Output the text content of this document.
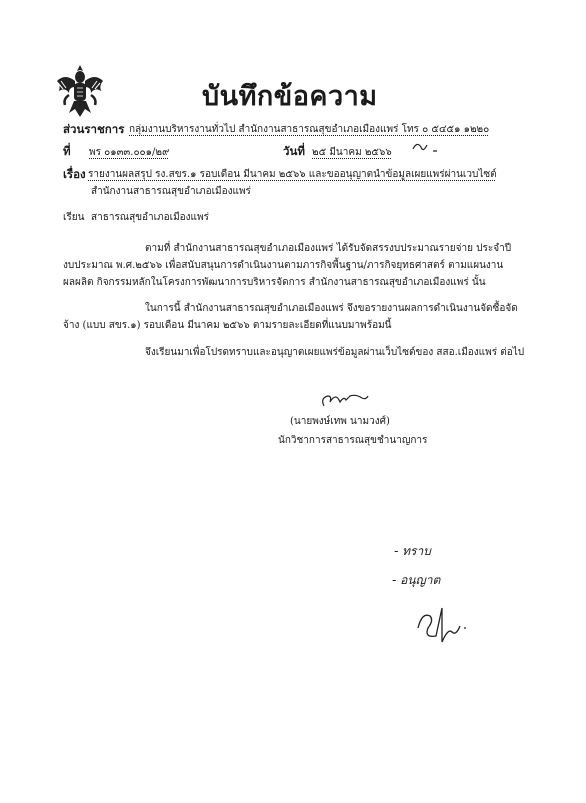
บันทึกข้อความ
ส่วนราชการ กลุ่มงานบริหารงานทั่วไป สำนักงานสาธารณสุขอำเภอเมืองแพร่ โทร ๐ ๕๔๕๑ ๑๒๒๐
ที่ พร ๐๑๓๓.๐๐๑/๒๙	วันที่ ๒๕ มีนาคม ๒๕๖๖
เรื่อง รายงานผลสรุป รง.สขร.๑ รอบเดือน มีนาคม ๒๕๖๖ และขออนุญาตนำข้อมูลเผยแพร่ผ่านเวบไซต์
สำนักงานสาธารณสุขอำเภอเมืองแพร่
เรียน สาธารณสุขอำเภอเมืองแพร่
ตามที่ สำนักงานสาธารณสุขอำเภอเมืองแพร่ ได้รับจัดสรรงบประมาณรายจ่าย ประจำปี
งบประมาณ พ.ศ.๒๕๖๖ เพื่อสนับสนุนการดำเนินงานตามภารกิจพื้นฐาน/ภารกิจยุทธศาสตร์ ตามแผนงาน
ผลผลิต กิจกรรมหลักในโครงการพัฒนาการบริหารจัดการ สำนักงานสาธารณสุขอำเภอเมืองแพร่ นั้น
ในการนี้ สำนักงานสาธารณสุขอำเภอเมืองแพร่ จึงขอรายงานผลการดำเนินงานจัดซื้อจัด
จ้าง (แบบ สขร.๑) รอบเดือน มีนาคม ๒๕๖๖ ตามรายละเอียดที่แนบมาพร้อมนี้
จึงเรียนมาเพื่อโปรดทราบและอนุญาตเผยแพร่ข้อมูลผ่านเว็บไซต์ของ สสอ.เมืองแพร่ ต่อไป
(นายพงษ์เทพ นามวงศ์)
นักวิชาการสาธารณสุขชำนาญการ
- ทราบ
- อนุญาต
